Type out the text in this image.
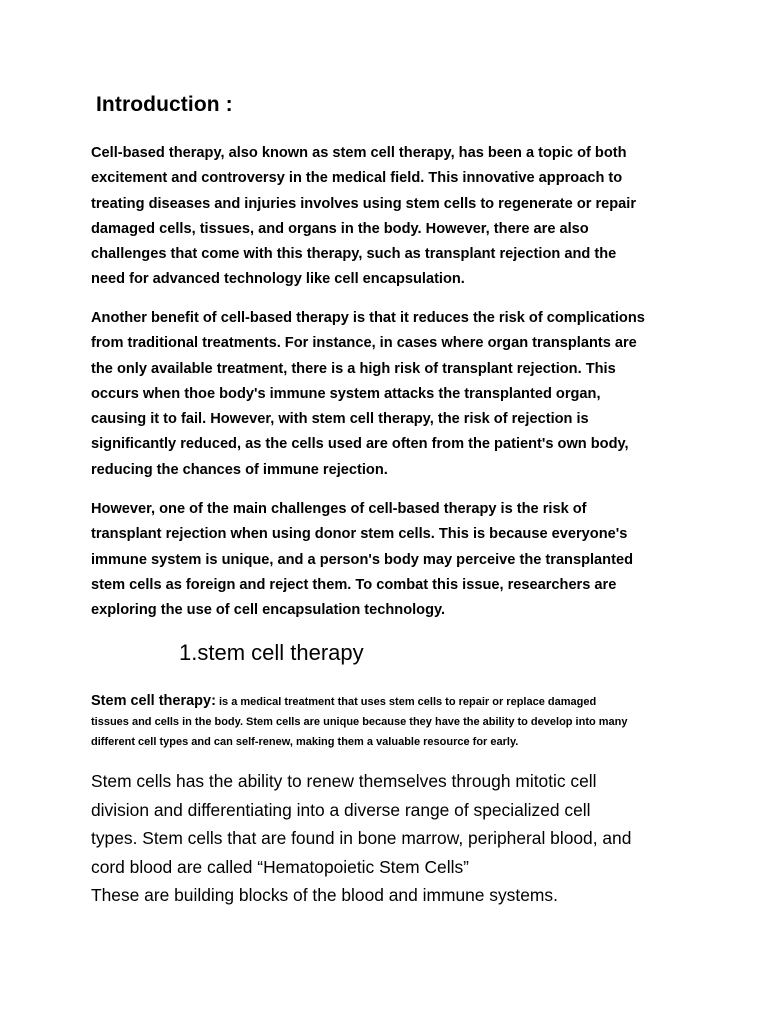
Introduction :

Cell-based therapy, also known as stem cell therapy, has been a topic of both
excitement and controversy in the medical field. This innovative approach to
treating diseases and injuries involves using stem cells to regenerate or repair
damaged cells, tissues, and organs in the body. However, there are also
challenges that come with this therapy, such as transplant rejection and the
need for advanced technology like cell encapsulation.

Another benefit of cell-based therapy is that it reduces the risk of complications
from traditional treatments. For instance, in cases where organ transplants are
the only available treatment, there is a high risk of transplant rejection. This
occurs when thoe body's immune system attacks the transplanted organ,
causing it to fail. However, with stem cell therapy, the risk of rejection is
significantly reduced, as the cells used are often from the patient's own body,
reducing the chances of immune rejection.

However, one of the main challenges of cell-based therapy is the risk of
transplant rejection when using donor stem cells. This is because everyone's
immune system is unique, and a person's body may perceive the transplanted
stem cells as foreign and reject them. To combat this issue, researchers are
exploring the use of cell encapsulation technology.

1.stem cell therapy

Stem cell therapy: is a medical treatment that uses stem cells to repair or replace damaged
tissues and cells in the body. Stem cells are unique because they have the ability to develop into many
different cell types and can self-renew, making them a valuable resource for early.

Stem cells has the ability to renew themselves through mitotic cell
division and differentiating into a diverse range of specialized cell
types. Stem cells that are found in bone marrow, peripheral blood, and
cord blood are called “Hematopoietic Stem Cells”
These are building blocks of the blood and immune systems.
